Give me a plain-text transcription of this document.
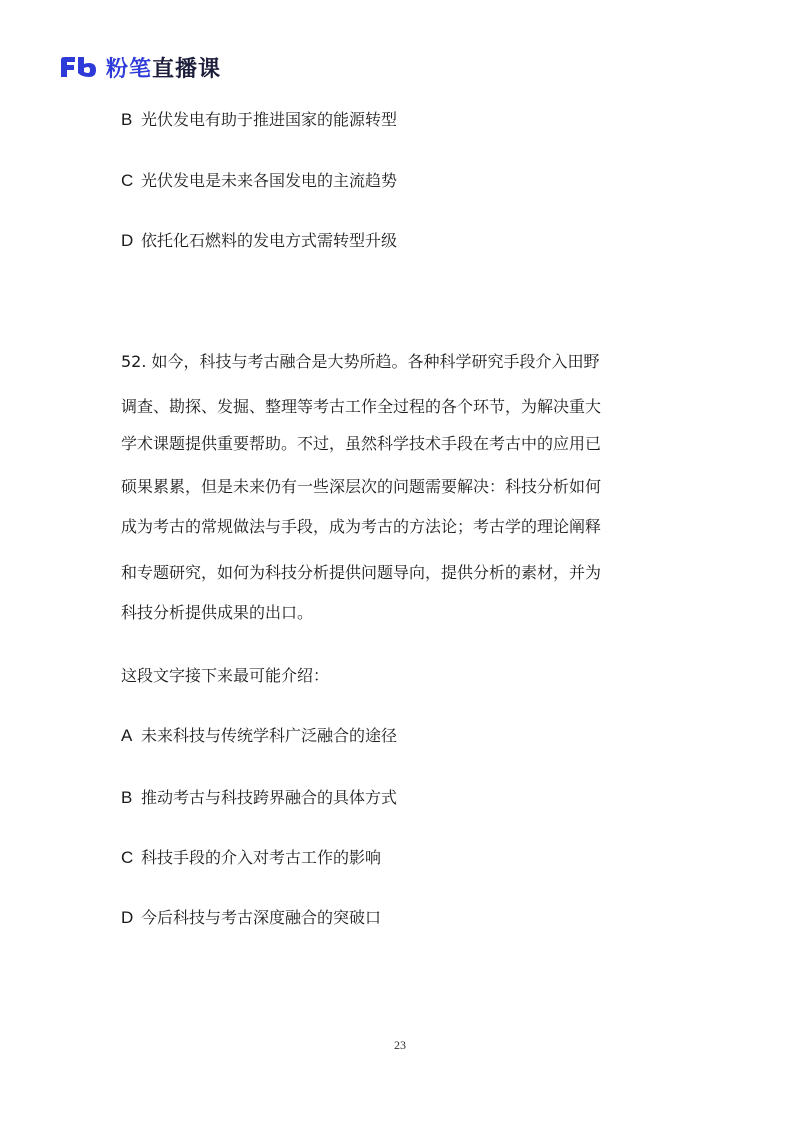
粉笔 直播课
B 光伏发电有助于推进国家的能源转型
C 光伏发电是未来各国发电的主流趋势
D 依托化石燃料的发电方式需转型升级
52. 如今，科技与考古融合是大势所趋。各种科学研究手段介入田野
调查、勘探、发掘、整理等考古工作全过程的各个环节，为解决重大
学术课题提供重要帮助。不过，虽然科学技术手段在考古中的应用已
硕果累累，但是未来仍有一些深层次的问题需要解决：科技分析如何
成为考古的常规做法与手段，成为考古的方法论；考古学的理论阐释
和专题研究，如何为科技分析提供问题导向，提供分析的素材，并为
科技分析提供成果的出口。
这段文字接下来最可能介绍：
A 未来科技与传统学科广泛融合的途径
B 推动考古与科技跨界融合的具体方式
C 科技手段的介入对考古工作的影响
D 今后科技与考古深度融合的突破口
23
